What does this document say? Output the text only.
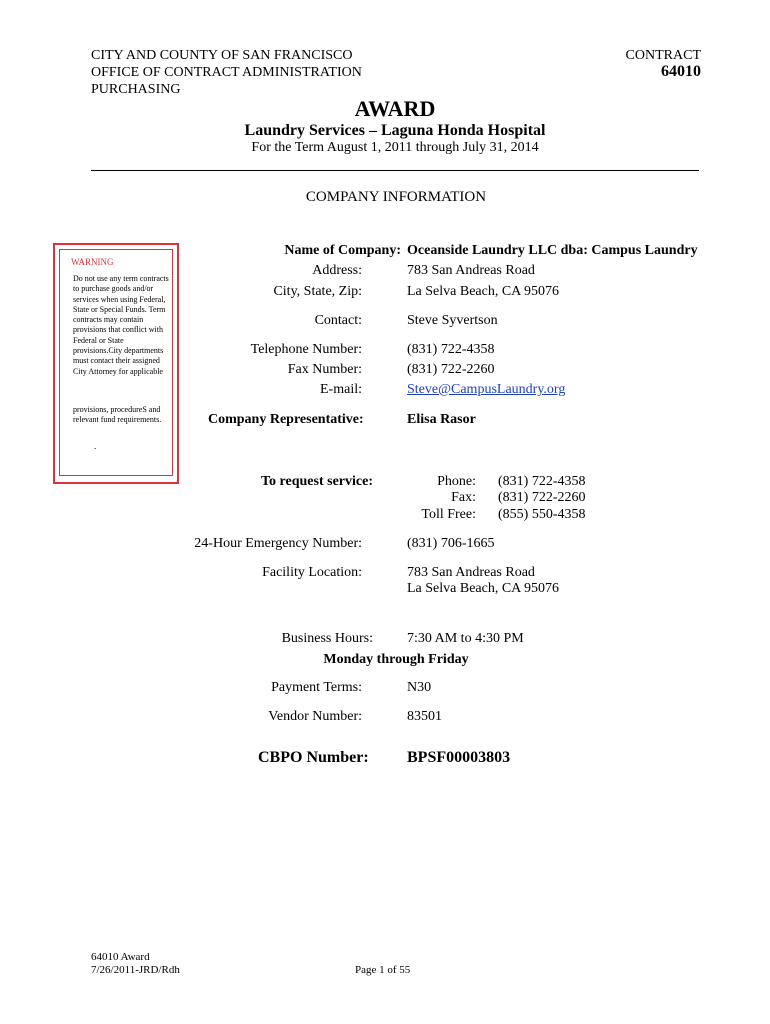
CITY AND COUNTY OF SAN FRANCISCO
OFFICE OF CONTRACT ADMINISTRATION
PURCHASING
CONTRACT
64010
AWARD
Laundry Services – Laguna Honda Hospital
For the Term August 1, 2011 through July 31, 2014
COMPANY INFORMATION
WARNING
Do not use any term contracts to purchase goods and/or services when using Federal, State or Special Funds. Term contracts may contain provisions that conflict with Federal or State provisions.City departments must contact their assigned City Attorney for applicable
provisions, procedureS and relevant fund requirements.
.
Name of Company: Oceanside Laundry LLC dba: Campus Laundry
Address:	783 San Andreas Road
City, State, Zip:	La Selva Beach, CA 95076
Contact:	Steve Syvertson
Telephone Number:	(831) 722-4358
Fax Number:	(831) 722-2260
E-mail:	Steve@CampusLaundry.org
Company Representative:	Elisa Rasor
To request service:	Phone: (831) 722-4358
Fax: (831) 722-2260
Toll Free: (855) 550-4358
24-Hour Emergency Number:	(831) 706-1665
Facility Location:	783 San Andreas Road
La Selva Beach, CA 95076
Business Hours: 7:30 AM to 4:30 PM
Monday through Friday
Payment Terms:	N30
Vendor Number:	83501
CBPO Number: BPSF00003803
64010 Award
7/26/2011-JRD/Rdh	Page 1 of 55
